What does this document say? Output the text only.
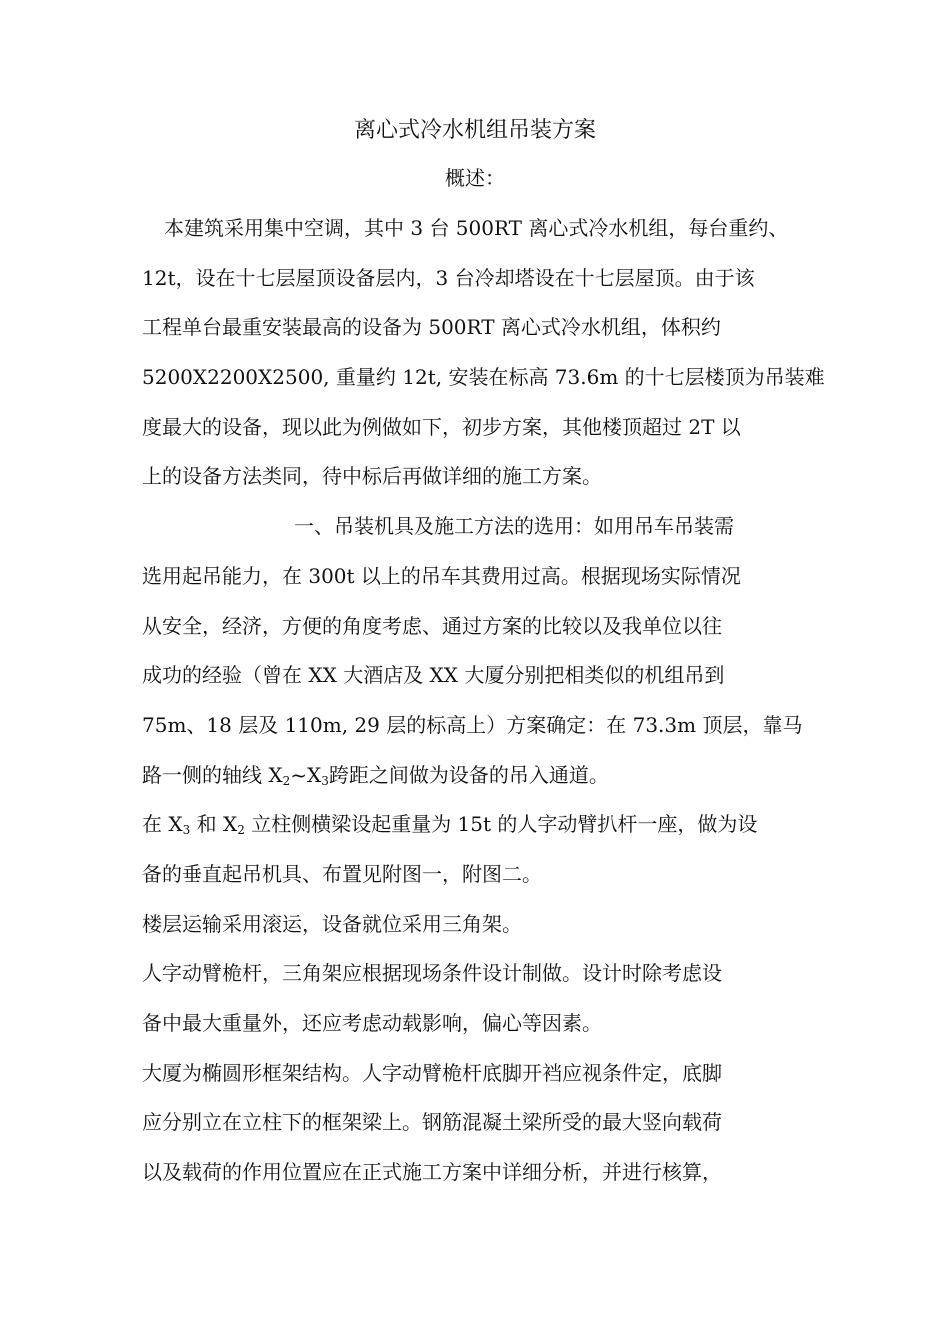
离心式冷水机组吊装方案
概述：
本建筑采用集中空调，其中 3 台 500RT 离心式冷水机组，每台重约、
12t，设在十七层屋顶设备层内，3 台冷却塔设在十七层屋顶。由于该
工程单台最重安装最高的设备为 500RT 离心式冷水机组，体积约
5200X2200X2500, 重量约 12t, 安装在标高 73.6m 的十七层楼顶为吊装难
度最大的设备，现以此为例做如下，初步方案，其他楼顶超过 2T 以
上的设备方法类同，待中标后再做详细的施工方案。
一、吊装机具及施工方法的选用：如用吊车吊装需
选用起吊能力，在 300t 以上的吊车其费用过高。根据现场实际情况
从安全，经济，方便的角度考虑、通过方案的比较以及我单位以往
成功的经验（曾在 XX 大酒店及 XX 大厦分别把相类似的机组吊到
75m、18 层及 110m, 29 层的标高上）方案确定：在 73.3m 顶层，靠马
路一侧的轴线 $X_2\sim X_3$跨距之间做为设备的吊入通道。
在 $X_3$ 和 $X_2$ 立柱侧横梁设起重量为 15t 的人字动臂扒杆一座，做为设
备的垂直起吊机具、布置见附图一，附图二。
楼层运输采用滚运，设备就位采用三角架。
人字动臂桅杆，三角架应根据现场条件设计制做。设计时除考虑设
备中最大重量外，还应考虑动载影响，偏心等因素。
大厦为椭圆形框架结构。人字动臂桅杆底脚开裆应视条件定，底脚
应分别立在立柱下的框架梁上。钢筋混凝土梁所受的最大竖向载荷
以及载荷的作用位置应在正式施工方案中详细分析，并进行核算，
